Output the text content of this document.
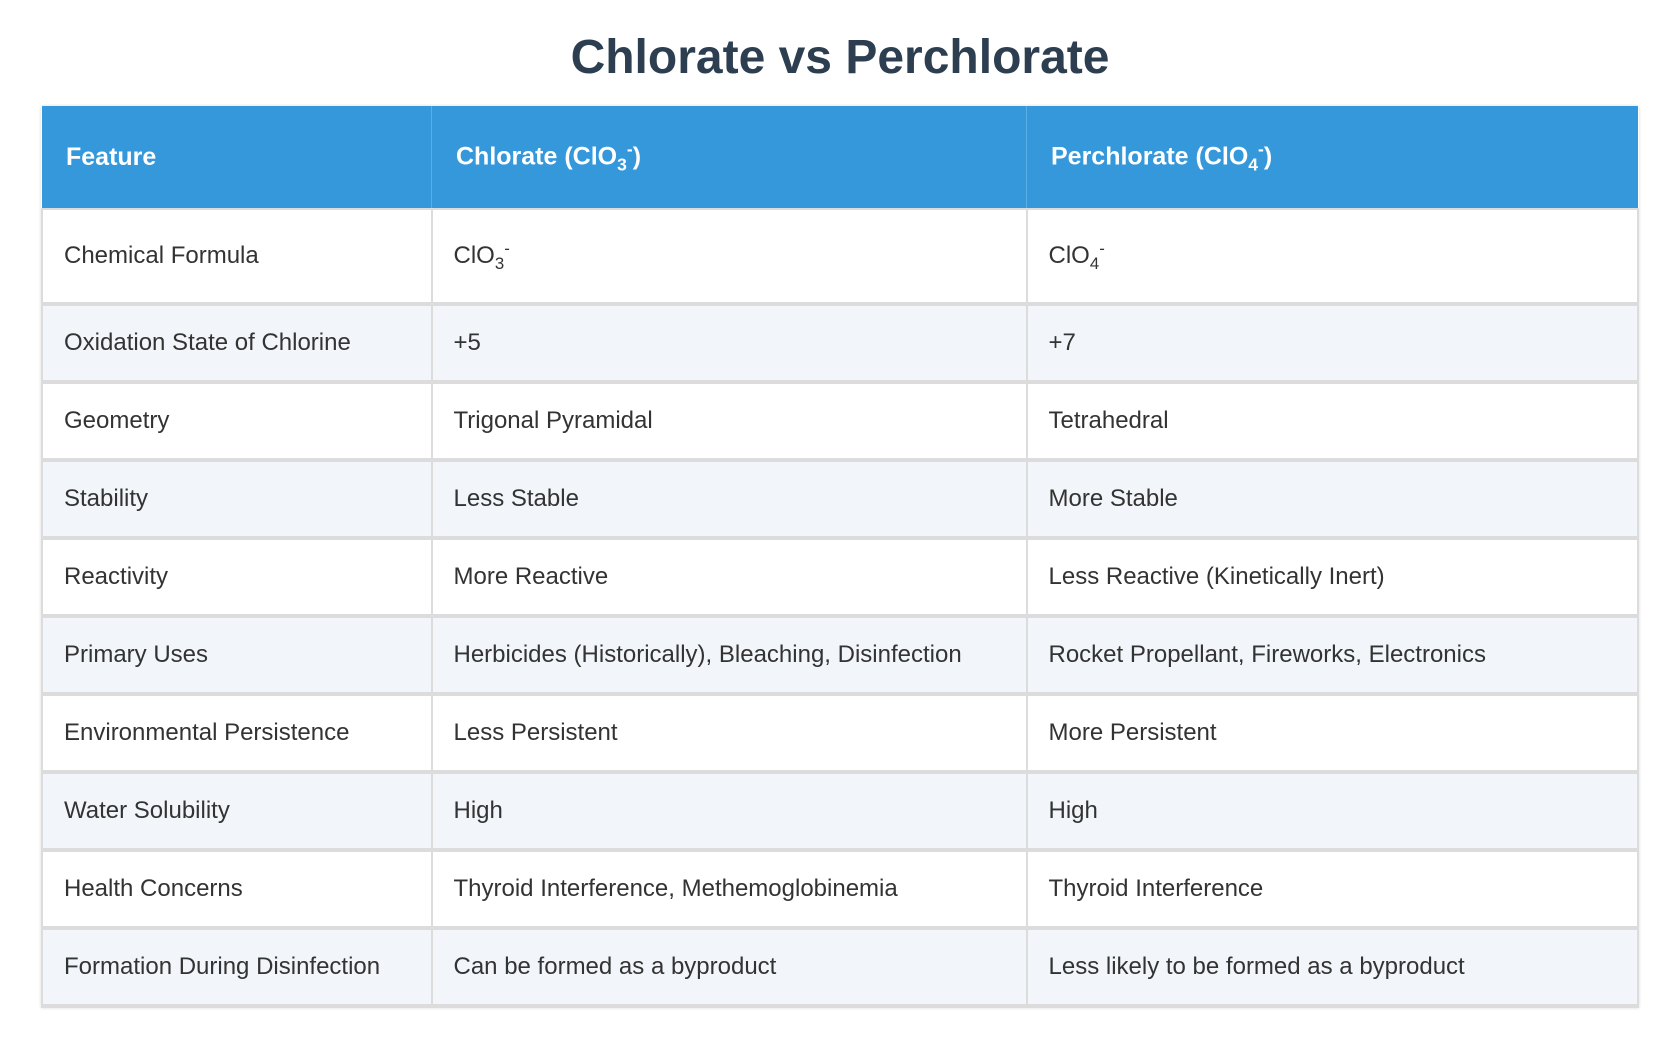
Chlorate vs Perchlorate
Feature	Chlorate (ClO$_3$-)	Perchlorate (ClO$_4$-)
Chemical Formula	ClO$_3$-	ClO$_4$-
Oxidation State of Chlorine	+5	+7
Geometry	Trigonal Pyramidal	Tetrahedral
Stability	Less Stable	More Stable
Reactivity	More Reactive	Less Reactive (Kinetically Inert)
Primary Uses	Herbicides (Historically), Bleaching, Disinfection	Rocket Propellant, Fireworks, Electronics
Environmental Persistence	Less Persistent	More Persistent
Water Solubility	High	High
Health Concerns	Thyroid Interference, Methemoglobinemia	Thyroid Interference
Formation During Disinfection	Can be formed as a byproduct	Less likely to be formed as a byproduct
